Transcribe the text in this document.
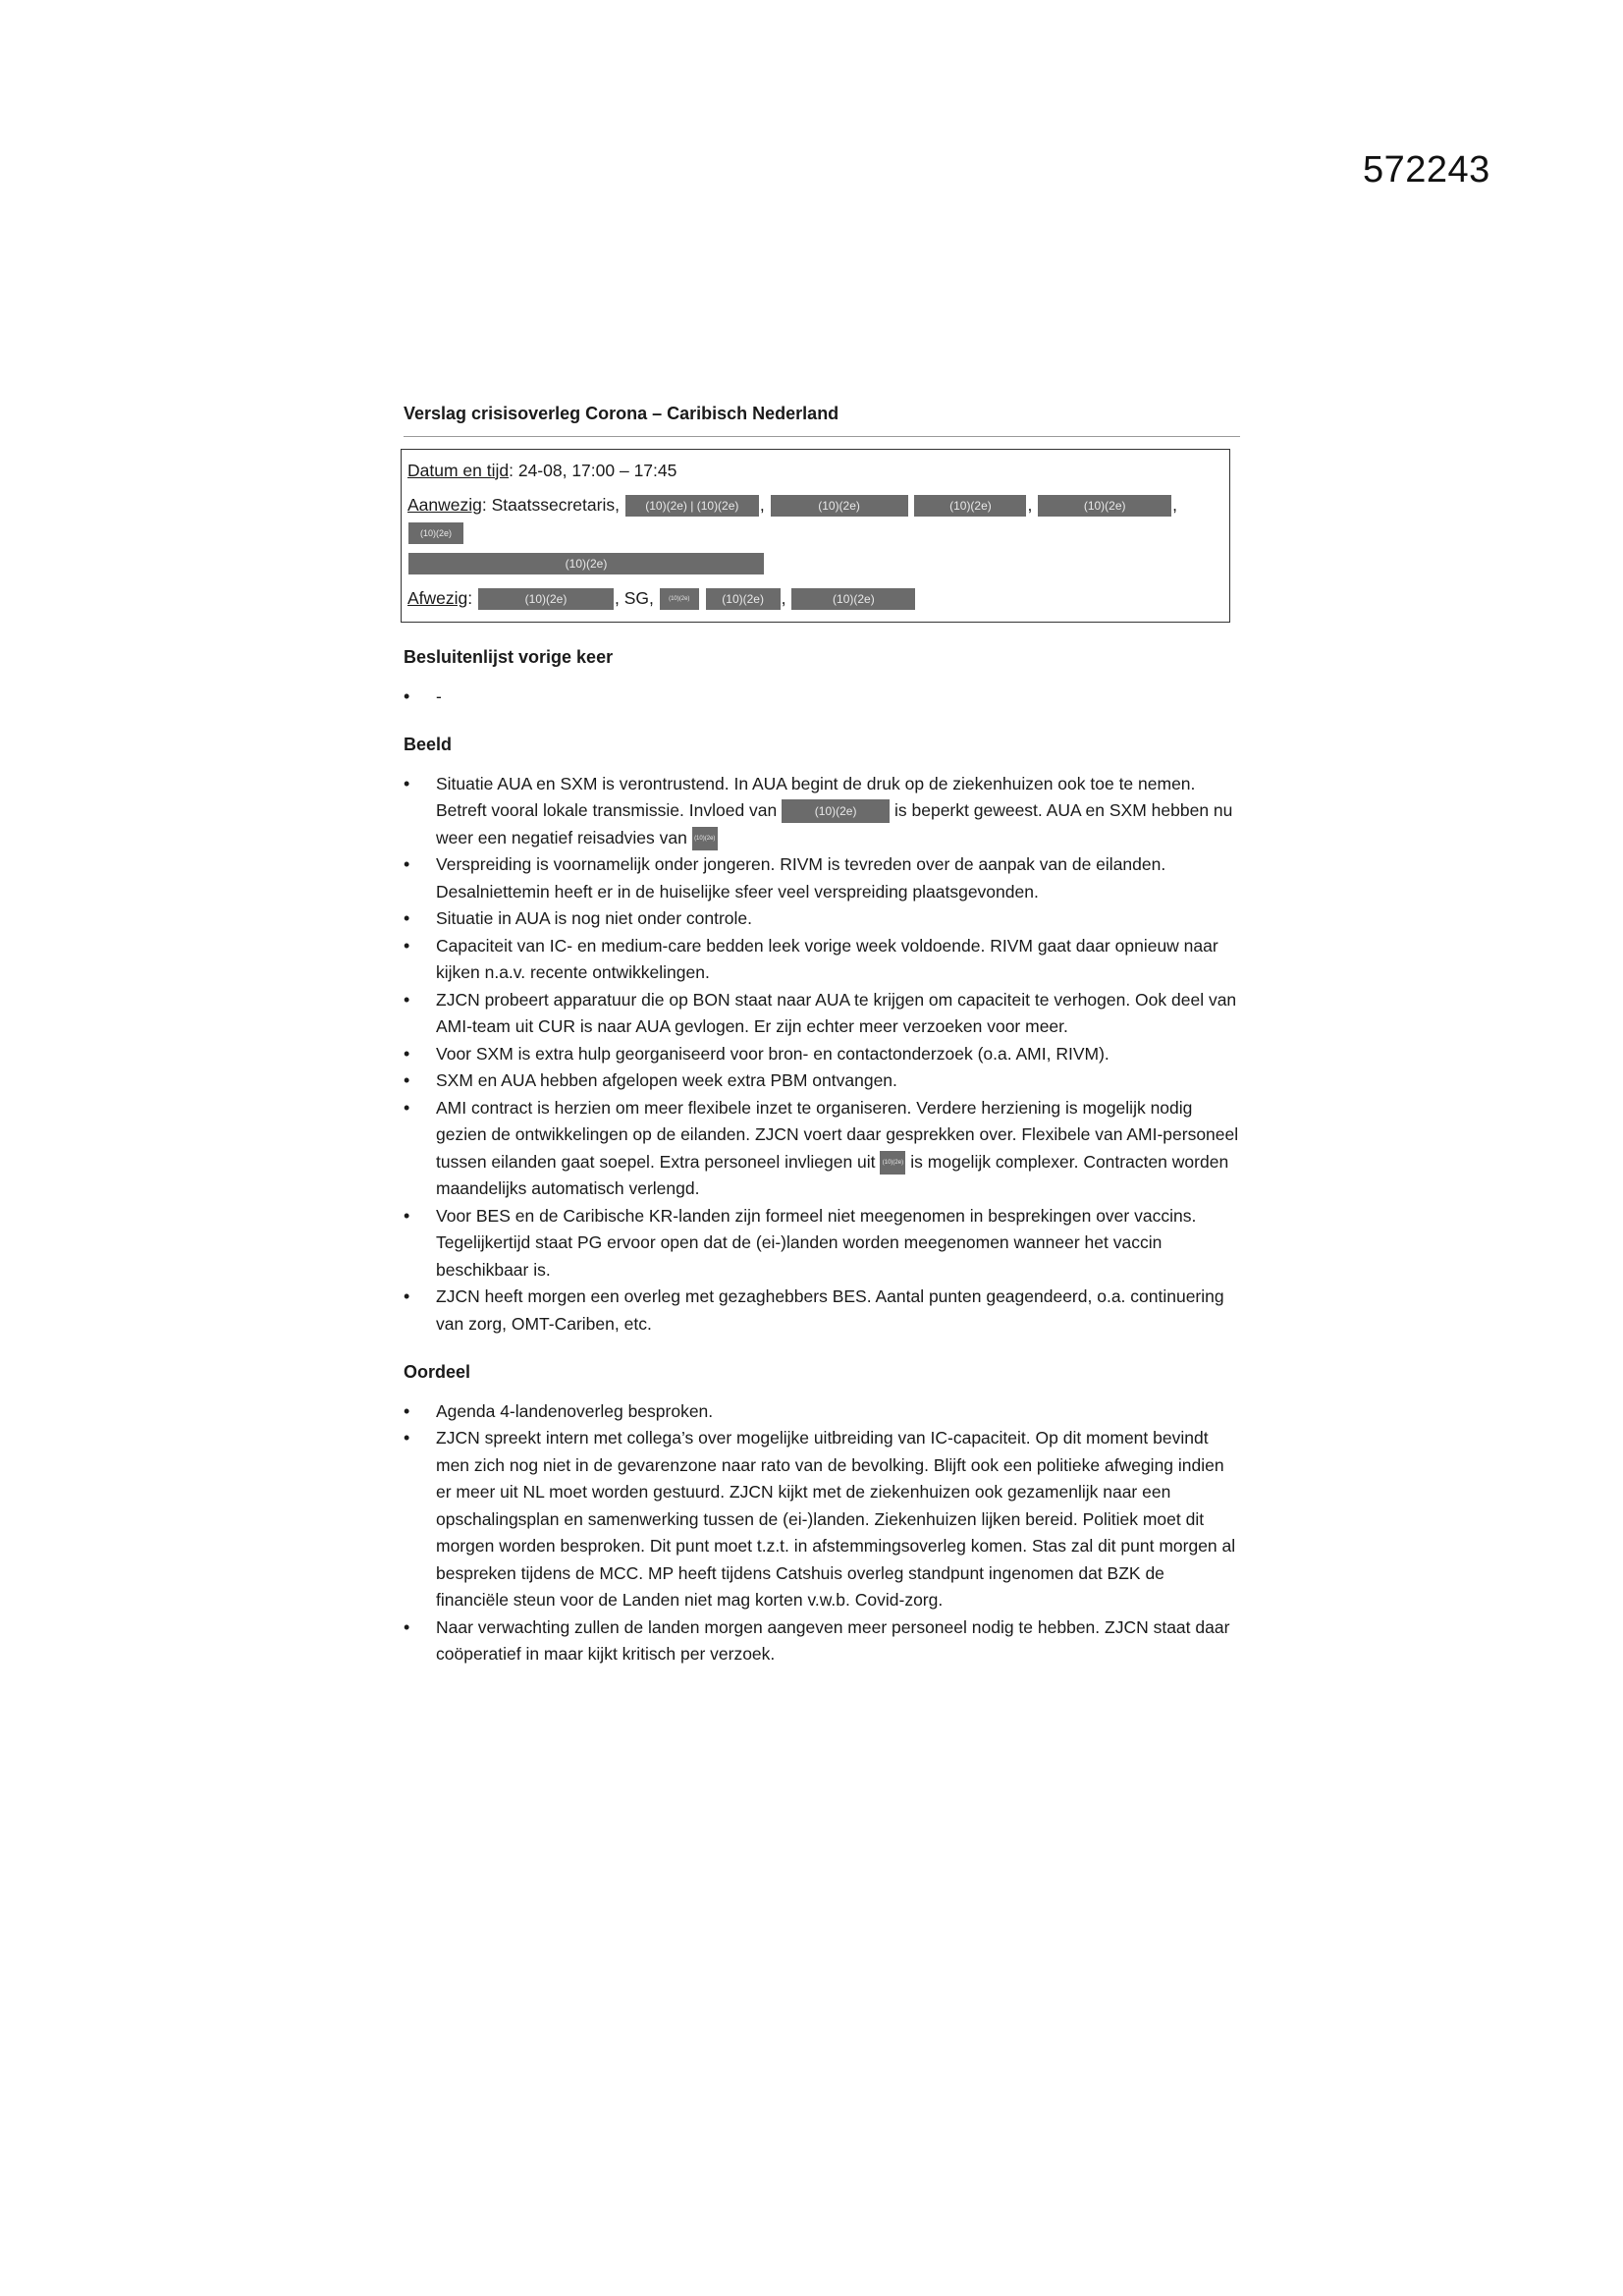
572243
Verslag crisisoverleg Corona – Caribisch Nederland
Datum en tijd: 24-08, 17:00 – 17:45
Aanwezig: Staatssecretaris, (10)(2e) | (10)(2e) ,	(10)(2e)	(10)(2e) ,	(10)(2e)	, (10)(2e)
(10)(2e)
Afwezig:	(10)(2e)	, SG,	(10)(2e)	(10)(2e) ,	(10)(2e)
Besluitenlijst vorige keer
• -
Beeld
• Situatie AUA en SXM is verontrustend. In AUA begint de druk op de ziekenhuizen ook toe te nemen. Betreft vooral lokale transmissie. Invloed van	(10)(2e) is beperkt geweest. AUA en SXM hebben nu weer een negatief reisadvies van (10)(2e)
• Verspreiding is voornamelijk onder jongeren. RIVM is tevreden over de aanpak van de eilanden. Desalniettemin heeft er in de huiselijke sfeer veel verspreiding plaatsgevonden.
• Situatie in AUA is nog niet onder controle.
• Capaciteit van IC- en medium-care bedden leek vorige week voldoende. RIVM gaat daar opnieuw naar kijken n.a.v. recente ontwikkelingen.
• ZJCN probeert apparatuur die op BON staat naar AUA te krijgen om capaciteit te verhogen. Ook deel van AMI-team uit CUR is naar AUA gevlogen. Er zijn echter meer verzoeken voor meer.
• Voor SXM is extra hulp georganiseerd voor bron- en contactonderzoek (o.a. AMI, RIVM).
• SXM en AUA hebben afgelopen week extra PBM ontvangen.
• AMI contract is herzien om meer flexibele inzet te organiseren. Verdere herziening is mogelijk nodig gezien de ontwikkelingen op de eilanden. ZJCN voert daar gesprekken over. Flexibele van AMI-personeel tussen eilanden gaat soepel. Extra personeel invliegen uit (10)(2e) is mogelijk complexer. Contracten worden maandelijks automatisch verlengd.
• Voor BES en de Caribische KR-landen zijn formeel niet meegenomen in besprekingen over vaccins. Tegelijkertijd staat PG ervoor open dat de (ei-)landen worden meegenomen wanneer het vaccin beschikbaar is.
• ZJCN heeft morgen een overleg met gezaghebbers BES. Aantal punten geagendeerd, o.a. continuering van zorg, OMT-Cariben, etc.
Oordeel
• Agenda 4-landenoverleg besproken.
• ZJCN spreekt intern met collega’s over mogelijke uitbreiding van IC-capaciteit. Op dit moment bevindt men zich nog niet in de gevarenzone naar rato van de bevolking. Blijft ook een politieke afweging indien er meer uit NL moet worden gestuurd. ZJCN kijkt met de ziekenhuizen ook gezamenlijk naar een opschalingsplan en samenwerking tussen de (ei-)landen. Ziekenhuizen lijken bereid. Politiek moet dit morgen worden besproken. Dit punt moet t.z.t. in afstemmingsoverleg komen. Stas zal dit punt morgen al bespreken tijdens de MCC. MP heeft tijdens Catshuis overleg standpunt ingenomen dat BZK de financiële steun voor de Landen niet mag korten v.w.b. Covid-zorg.
• Naar verwachting zullen de landen morgen aangeven meer personeel nodig te hebben. ZJCN staat daar coöperatief in maar kijkt kritisch per verzoek.
